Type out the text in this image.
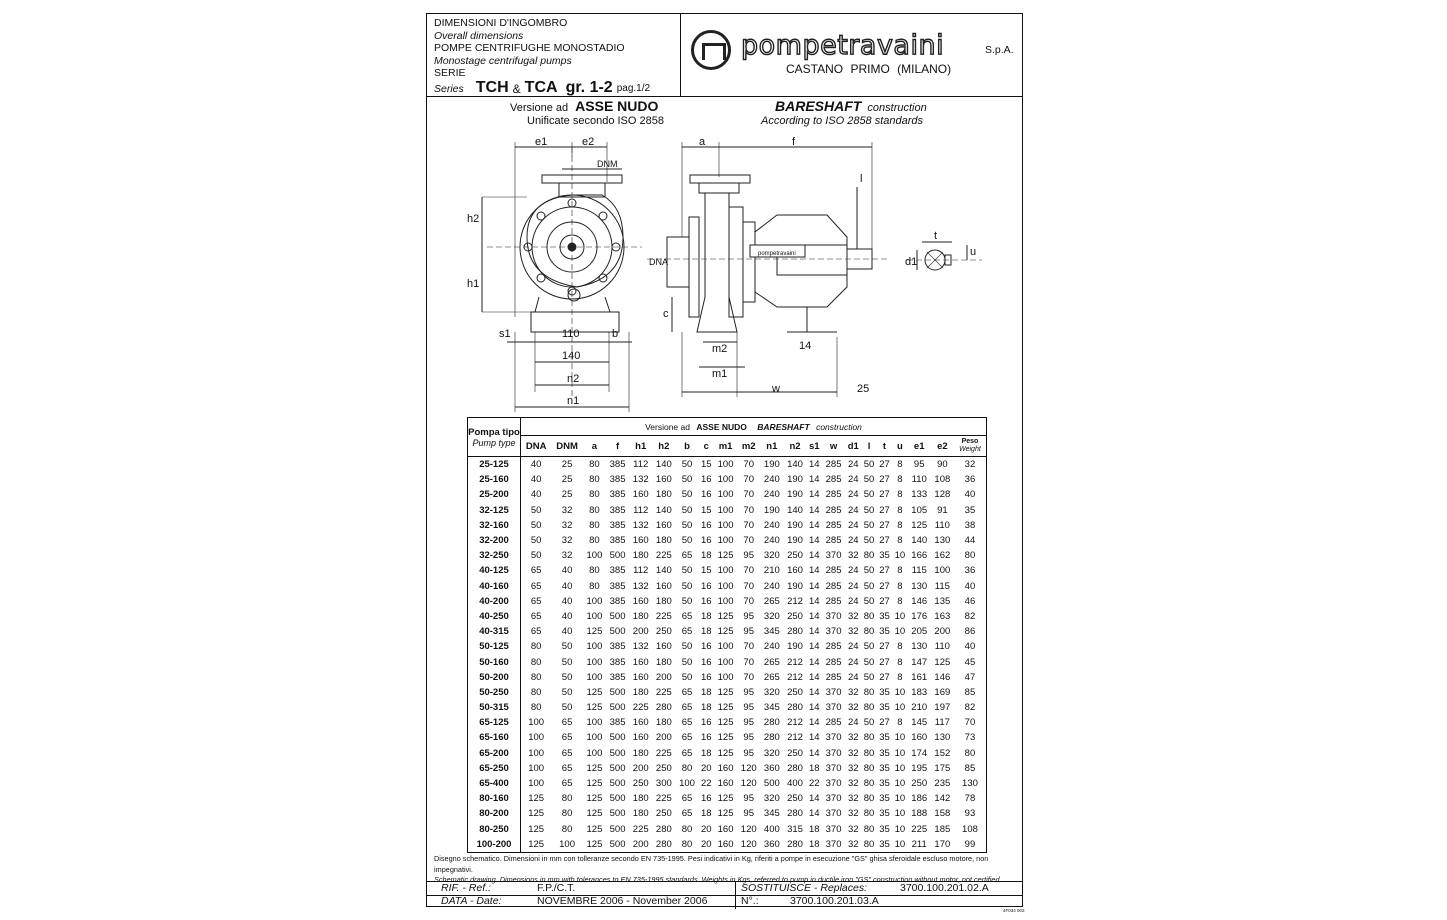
DIMENSIONI D'INGOMBRO
Overall dimensions
POMPE CENTRIFUGHE MONOSTADIO
Monostage centrifugal pumps
SERIE
Series TCH & TCA gr. 1-2 pag.1/2
pompetravaini	S.p.A.
CASTANO PRIMO (MILANO)
Versione ad ASSE NUDO
Unificate secondo ISO 2858
BARESHAFT construction
According to ISO 2858 standards
e1	e2
DNM
h2
h1
s1	110	b
140
n2
n1
a	f
l
DNA
c
m2
m1
14
w	25
t
u
d1
pompetravaini
Pompa tipo
Pump type	Versione ad ASSE NUDO BARESHAFT construction																				
	DNA	DNM	a	f	h1	h2	b	c	m1	m2	n1	n2	s1	w	d1	l	t	u	e1	e2	Peso
Weight

25-125	40	25	80	385	112	140	50	15	100	70	190	140	14	285	24	50	27	8	95	90	32
25-160	40	25	80	385	132	160	50	16	100	70	240	190	14	285	24	50	27	8	110	108	36
25-200	40	25	80	385	160	180	50	16	100	70	240	190	14	285	24	50	27	8	133	128	40
32-125	50	32	80	385	112	140	50	15	100	70	190	140	14	285	24	50	27	8	105	91	35
32-160	50	32	80	385	132	160	50	16	100	70	240	190	14	285	24	50	27	8	125	110	38
32-200	50	32	80	385	160	180	50	16	100	70	240	190	14	285	24	50	27	8	140	130	44
32-250	50	32	100	500	180	225	65	18	125	95	320	250	14	370	32	80	35	10	166	162	80
40-125	65	40	80	385	112	140	50	15	100	70	210	160	14	285	24	50	27	8	115	100	36
40-160	65	40	80	385	132	160	50	16	100	70	240	190	14	285	24	50	27	8	130	115	40
40-200	65	40	100	385	160	180	50	16	100	70	265	212	14	285	24	50	27	8	146	135	46
40-250	65	40	100	500	180	225	65	18	125	95	320	250	14	370	32	80	35	10	176	163	82
40-315	65	40	125	500	200	250	65	18	125	95	345	280	14	370	32	80	35	10	205	200	86
50-125	80	50	100	385	132	160	50	16	100	70	240	190	14	285	24	50	27	8	130	110	40
50-160	80	50	100	385	160	180	50	16	100	70	265	212	14	285	24	50	27	8	147	125	45
50-200	80	50	100	385	160	200	50	16	100	70	265	212	14	285	24	50	27	8	161	146	47
50-250	80	50	125	500	180	225	65	18	125	95	320	250	14	370	32	80	35	10	183	169	85
50-315	80	50	125	500	225	280	65	18	125	95	345	280	14	370	32	80	35	10	210	197	82
65-125	100	65	100	385	160	180	65	16	125	95	280	212	14	285	24	50	27	8	145	117	70
65-160	100	65	100	500	160	200	65	16	125	95	280	212	14	370	32	80	35	10	160	130	73
65-200	100	65	100	500	180	225	65	18	125	95	320	250	14	370	32	80	35	10	174	152	80
65-250	100	65	125	500	200	250	80	20	160	120	360	280	18	370	32	80	35	10	195	175	85
65-400	100	65	125	500	250	300	100	22	160	120	500	400	22	370	32	80	35	10	250	235	130
80-160	125	80	125	500	180	225	65	16	125	95	320	250	14	370	32	80	35	10	186	142	78
80-200	125	80	125	500	180	250	65	18	125	95	345	280	14	370	32	80	35	10	188	158	93
80-250	125	80	125	500	225	280	80	20	160	120	400	315	18	370	32	80	35	10	225	185	108
100-200	125	100	125	500	200	280	80	20	160	120	360	280	18	370	32	80	35	10	211	170	99
Disegno schematico. Dimensioni in mm con tolleranze secondo EN 735-1995. Pesi indicativi in Kg, riferiti a pompe in esecuzione "GS" ghisa sferoidale escluso motore, non impegnativi.
Schematic drawing. Dimensions in mm with tolerances to EN 735-1995 standards. Weights in Kgs, referred to pump in ductile iron "GS" construction without motor, not certified.
RIF. - Ref.:	F.P./C.T.	SOSTITUISCE - Replaces:	3700.100.201.02.A
DATA - Date:	NOVEMBRE 2006 - November 2006	N°.:	3700.100.201.03.A
4F034 003
